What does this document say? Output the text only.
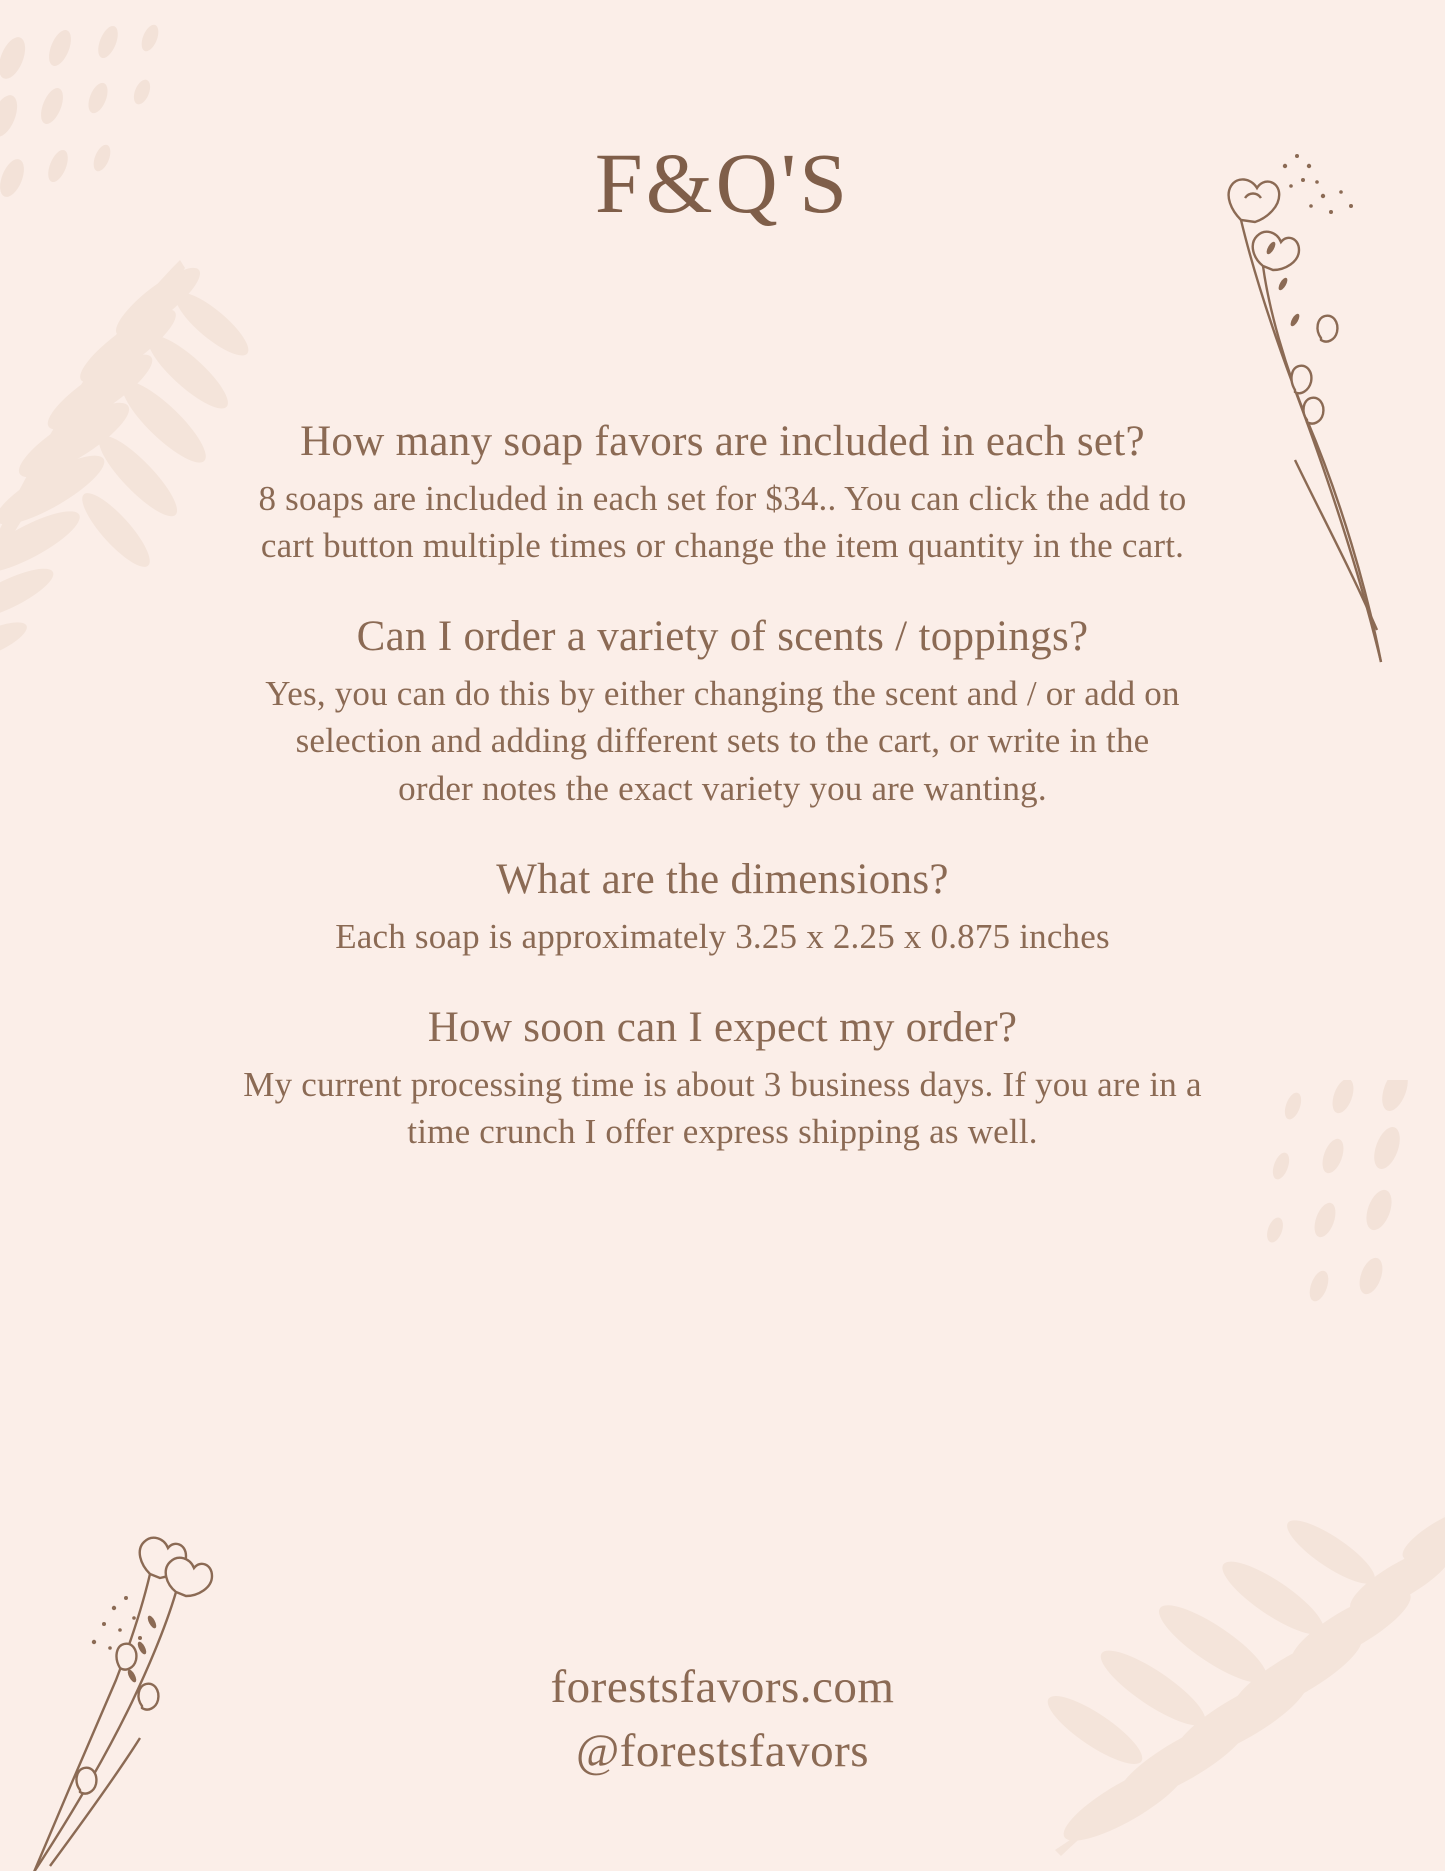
F&Q'S

How many soap favors are included in each set?

8 soaps are included in each set for $34.. You can click the add to cart button multiple times or change the item quantity in the cart.

Can I order a variety of scents / toppings?

Yes, you can do this by either changing the scent and / or add on selection and adding different sets to the cart, or write in the order notes the exact variety you are wanting.

What are the dimensions?

Each soap is approximately 3.25 x 2.25 x 0.875 inches

How soon can I expect my order?

My current processing time is about 3 business days. If you are in a time crunch I offer express shipping as well.

forestsfavors.com
@forestsfavors
